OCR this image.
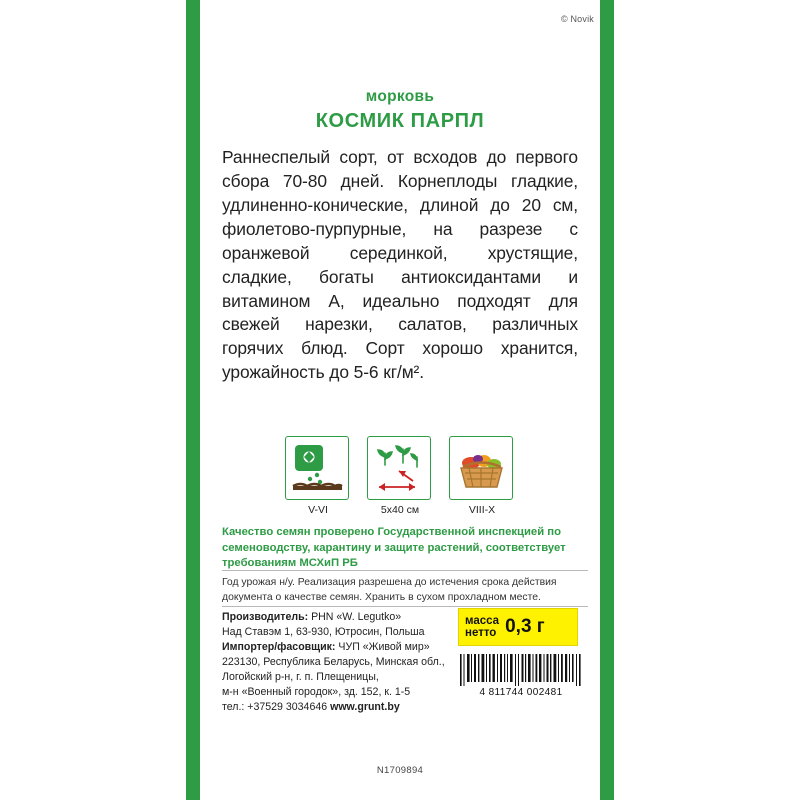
© Novik
морковь
КОСМИК ПАРПЛ
Раннеспелый сорт, от всходов до первого сбора 70-80 дней. Корнеплоды гладкие, удлиненно-конические, длиной до 20 см, фиолетово-пурпурные, на разрезе с оранжевой серединкой, хрустящие, сладкие, богаты антиоксидантами и витамином А, идеально подходят для свежей нарезки, салатов, различных горячих блюд. Сорт хорошо хранится, урожайность до 5-6 кг/м².
V-VI	5x40 см	VIII-X
Качество семян проверено Государственной инспекцией по семеноводству, карантину и защите растений, соответствует требованиям МСХиП РБ
Год урожая н/у. Реализация разрешена до истечения срока действия документа о качестве семян. Хранить в сухом прохладном месте.
Производитель: PHN «W. Legutko»
Над Ставэм 1, 63-930, Ютросин, Польша
Импортер/фасовщик: ЧУП «Живой мир»
223130, Республика Беларусь, Минская обл.,
Логойский р-н, г. п. Плещеницы,
м-н «Военный городок», зд. 152, к. 1-5
тел.: +37529 3034646 www.grunt.by
масса
нетто 0,3 г
4 811744 002481
N1709894
